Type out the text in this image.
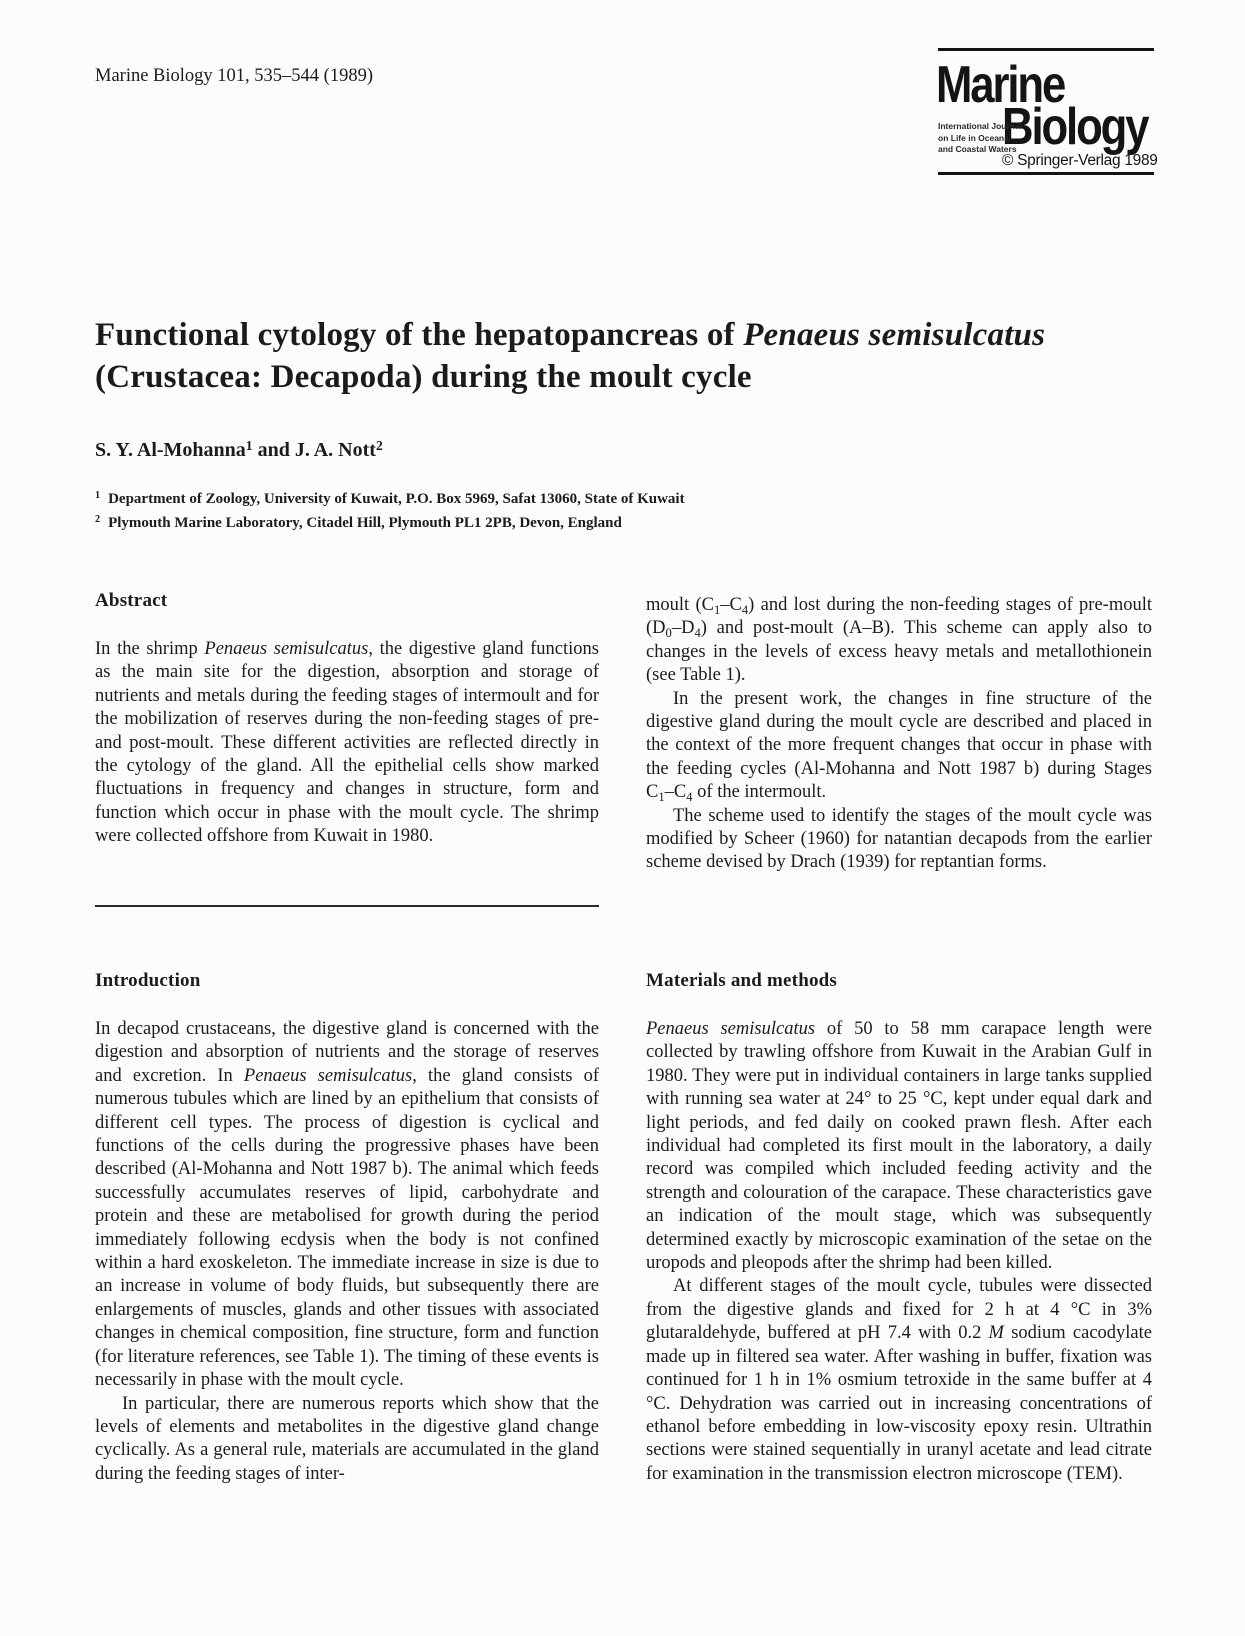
Marine Biology 101, 535–544 (1989)	Marine
Biology
International Journal
on Life in Oceans
and Coastal Waters
© Springer-Verlag 1989
Functional cytology of the hepatopancreas of Penaeus semisulcatus (Crustacea: Decapoda) during the moult cycle
S. Y. Al-Mohanna$^1$ and J. A. Nott$^2$
$^1$ Department of Zoology, University of Kuwait, P.O. Box 5969, Safat 13060, State of Kuwait
$^2$ Plymouth Marine Laboratory, Citadel Hill, Plymouth PL1 2PB, Devon, England
Abstract

In the shrimp Penaeus semisulcatus, the digestive gland functions as the main site for the digestion, absorption and storage of nutrients and metals during the feeding stages of intermoult and for the mobilization of reserves during the non-feeding stages of pre- and post-moult. These different activities are reflected directly in the cytology of the gland. All the epithelial cells show marked fluctuations in frequency and changes in structure, form and function which occur in phase with the moult cycle. The shrimp were collected offshore from Kuwait in 1980.

moult $(C_1-C_4)$ and lost during the non-feeding stages of pre-moult $(D_0-D_4)$ and post-moult (A–B). This scheme can apply also to changes in the levels of excess heavy metals and metallothionein (see Table 1).

In the present work, the changes in fine structure of the digestive gland during the moult cycle are described and placed in the context of the more frequent changes that occur in phase with the feeding cycles (Al-Mohanna and Nott 1987 b) during Stages $C_1-C_4$ of the intermoult.

The scheme used to identify the stages of the moult cycle was modified by Scheer (1960) for natantian decapods from the earlier scheme devised by Drach (1939) for reptantian forms.

Introduction

In decapod crustaceans, the digestive gland is concerned with the digestion and absorption of nutrients and the storage of reserves and excretion. In Penaeus semisulcatus, the gland consists of numerous tubules which are lined by an epithelium that consists of different cell types. The process of digestion is cyclical and functions of the cells during the progressive phases have been described (Al-Mohanna and Nott 1987 b). The animal which feeds successfully accumulates reserves of lipid, carbohydrate and protein and these are metabolised for growth during the period immediately following ecdysis when the body is not confined within a hard exoskeleton. The immediate increase in size is due to an increase in volume of body fluids, but subsequently there are enlargements of muscles, glands and other tissues with associated changes in chemical composition, fine structure, form and function (for literature references, see Table 1). The timing of these events is necessarily in phase with the moult cycle.

In particular, there are numerous reports which show that the levels of elements and metabolites in the digestive gland change cyclically. As a general rule, materials are accumulated in the gland during the feeding stages of inter-

Materials and methods

Penaeus semisulcatus of 50 to 58 mm carapace length were collected by trawling offshore from Kuwait in the Arabian Gulf in 1980. They were put in individual containers in large tanks supplied with running sea water at 24° to 25 °C, kept under equal dark and light periods, and fed daily on cooked prawn flesh. After each individual had completed its first moult in the laboratory, a daily record was compiled which included feeding activity and the strength and colouration of the carapace. These characteristics gave an indication of the moult stage, which was subsequently determined exactly by microscopic examination of the setae on the uropods and pleopods after the shrimp had been killed.

At different stages of the moult cycle, tubules were dissected from the digestive glands and fixed for 2 h at 4 °C in 3% glutaraldehyde, buffered at pH 7.4 with 0.2 M sodium cacodylate made up in filtered sea water. After washing in buffer, fixation was continued for 1 h in 1% osmium tetroxide in the same buffer at 4 °C. Dehydration was carried out in increasing concentrations of ethanol before embedding in low-viscosity epoxy resin. Ultrathin sections were stained sequentially in uranyl acetate and lead citrate for examination in the transmission electron microscope (TEM).
